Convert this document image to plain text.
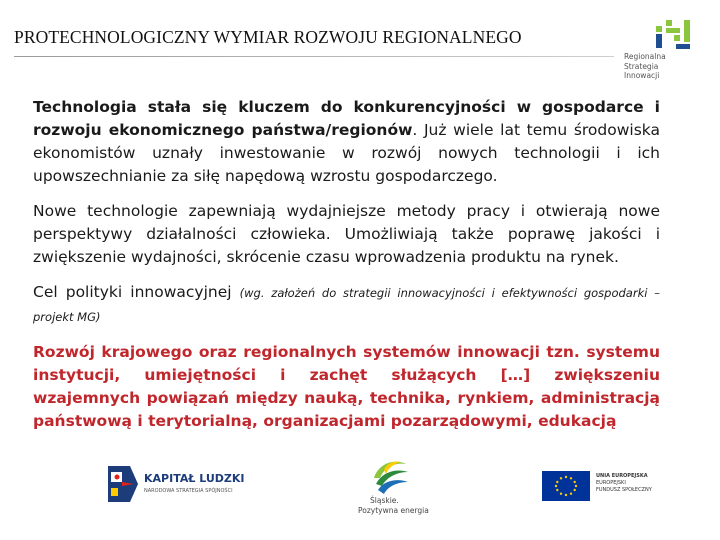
PROTECHNOLOGICZNY WYMIAR ROZWOJU REGIONALNEGO
Regionalna
Strategia
Innowacji

Technologia stała się kluczem do konkurencyjności w gospodarce i rozwoju ekonomicznego państwa/regionów. Już wiele lat temu środowiska ekonomistów uznały inwestowanie w rozwój nowych technologii i ich upowszechnianie za siłę napędową wzrostu gospodarczego.

Nowe technologie zapewniają wydajniejsze metody pracy i otwierają nowe perspektywy działalności człowieka. Umożliwiają także poprawę jakości i zwiększenie wydajności, skrócenie czasu wprowadzenia produktu na rynek.

Cel polityki innowacyjnej (wg. założeń do strategii innowacyjności i efektywności gospodarki – projekt MG)

Rozwój krajowego oraz regionalnych systemów innowacji tzn. systemu instytucji, umiejętności i zachęt służących […] zwiększeniu wzajemnych powiązań między nauką, technika, rynkiem, administracją państwową i terytorialną, organizacjami pozarządowymi, edukacją

KAPITAŁ LUDZKI
NARODOWA STRATEGIA SPÓJNOŚCI
Śląskie.
Pozytywna energia
UNIA EUROPEJSKA
EUROPEJSKI
FUNDUSZ SPOŁECZNY
